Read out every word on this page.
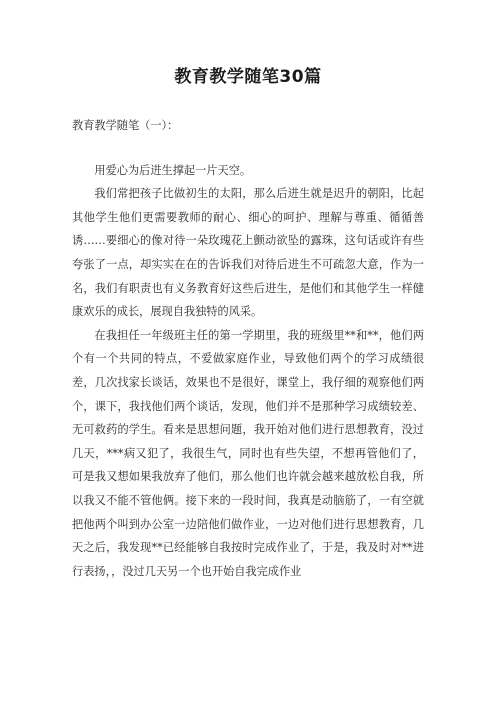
教育教学随笔30篇
教育教学随笔（一）：

用爱心为后进生撑起一片天空。

我们常把孩子比做初生的太阳，那么后进生就是迟升的朝阳，比起其他学生他们更需要教师的耐心、细心的呵护、理解与尊重、循循善诱……要细心的像对待一朵玫瑰花上颤动欲坠的露珠，这句话或许有些夸张了一点，却实实在在的告诉我们对待后进生不可疏忽大意，作为一名，我们有职责也有义务教育好这些后进生，是他们和其他学生一样健康欢乐的成长，展现自我独特的风采。

在我担任一年级班主任的第一学期里，我的班级里**和**，他们两个有一个共同的特点，不爱做家庭作业，导致他们两个的学习成绩很差，几次找家长谈话，效果也不是很好，课堂上，我仔细的观察他们两个，课下，我找他们两个谈话，发现，他们并不是那种学习成绩较差、无可救药的学生。看来是思想问题，我开始对他们进行思想教育，没过几天，***病又犯了，我很生气，同时也有些失望，不想再管他们了，可是我又想如果我放弃了他们，那么他们也许就会越来越放松自我，所以我又不能不管他俩。接下来的一段时间，我真是动脑筋了，一有空就把他两个叫到办公室一边陪他们做作业，一边对他们进行思想教育，几天之后，我发现**已经能够自我按时完成作业了，于是，我及时对**进行表扬，，没过几天另一个也开始自我完成作业
